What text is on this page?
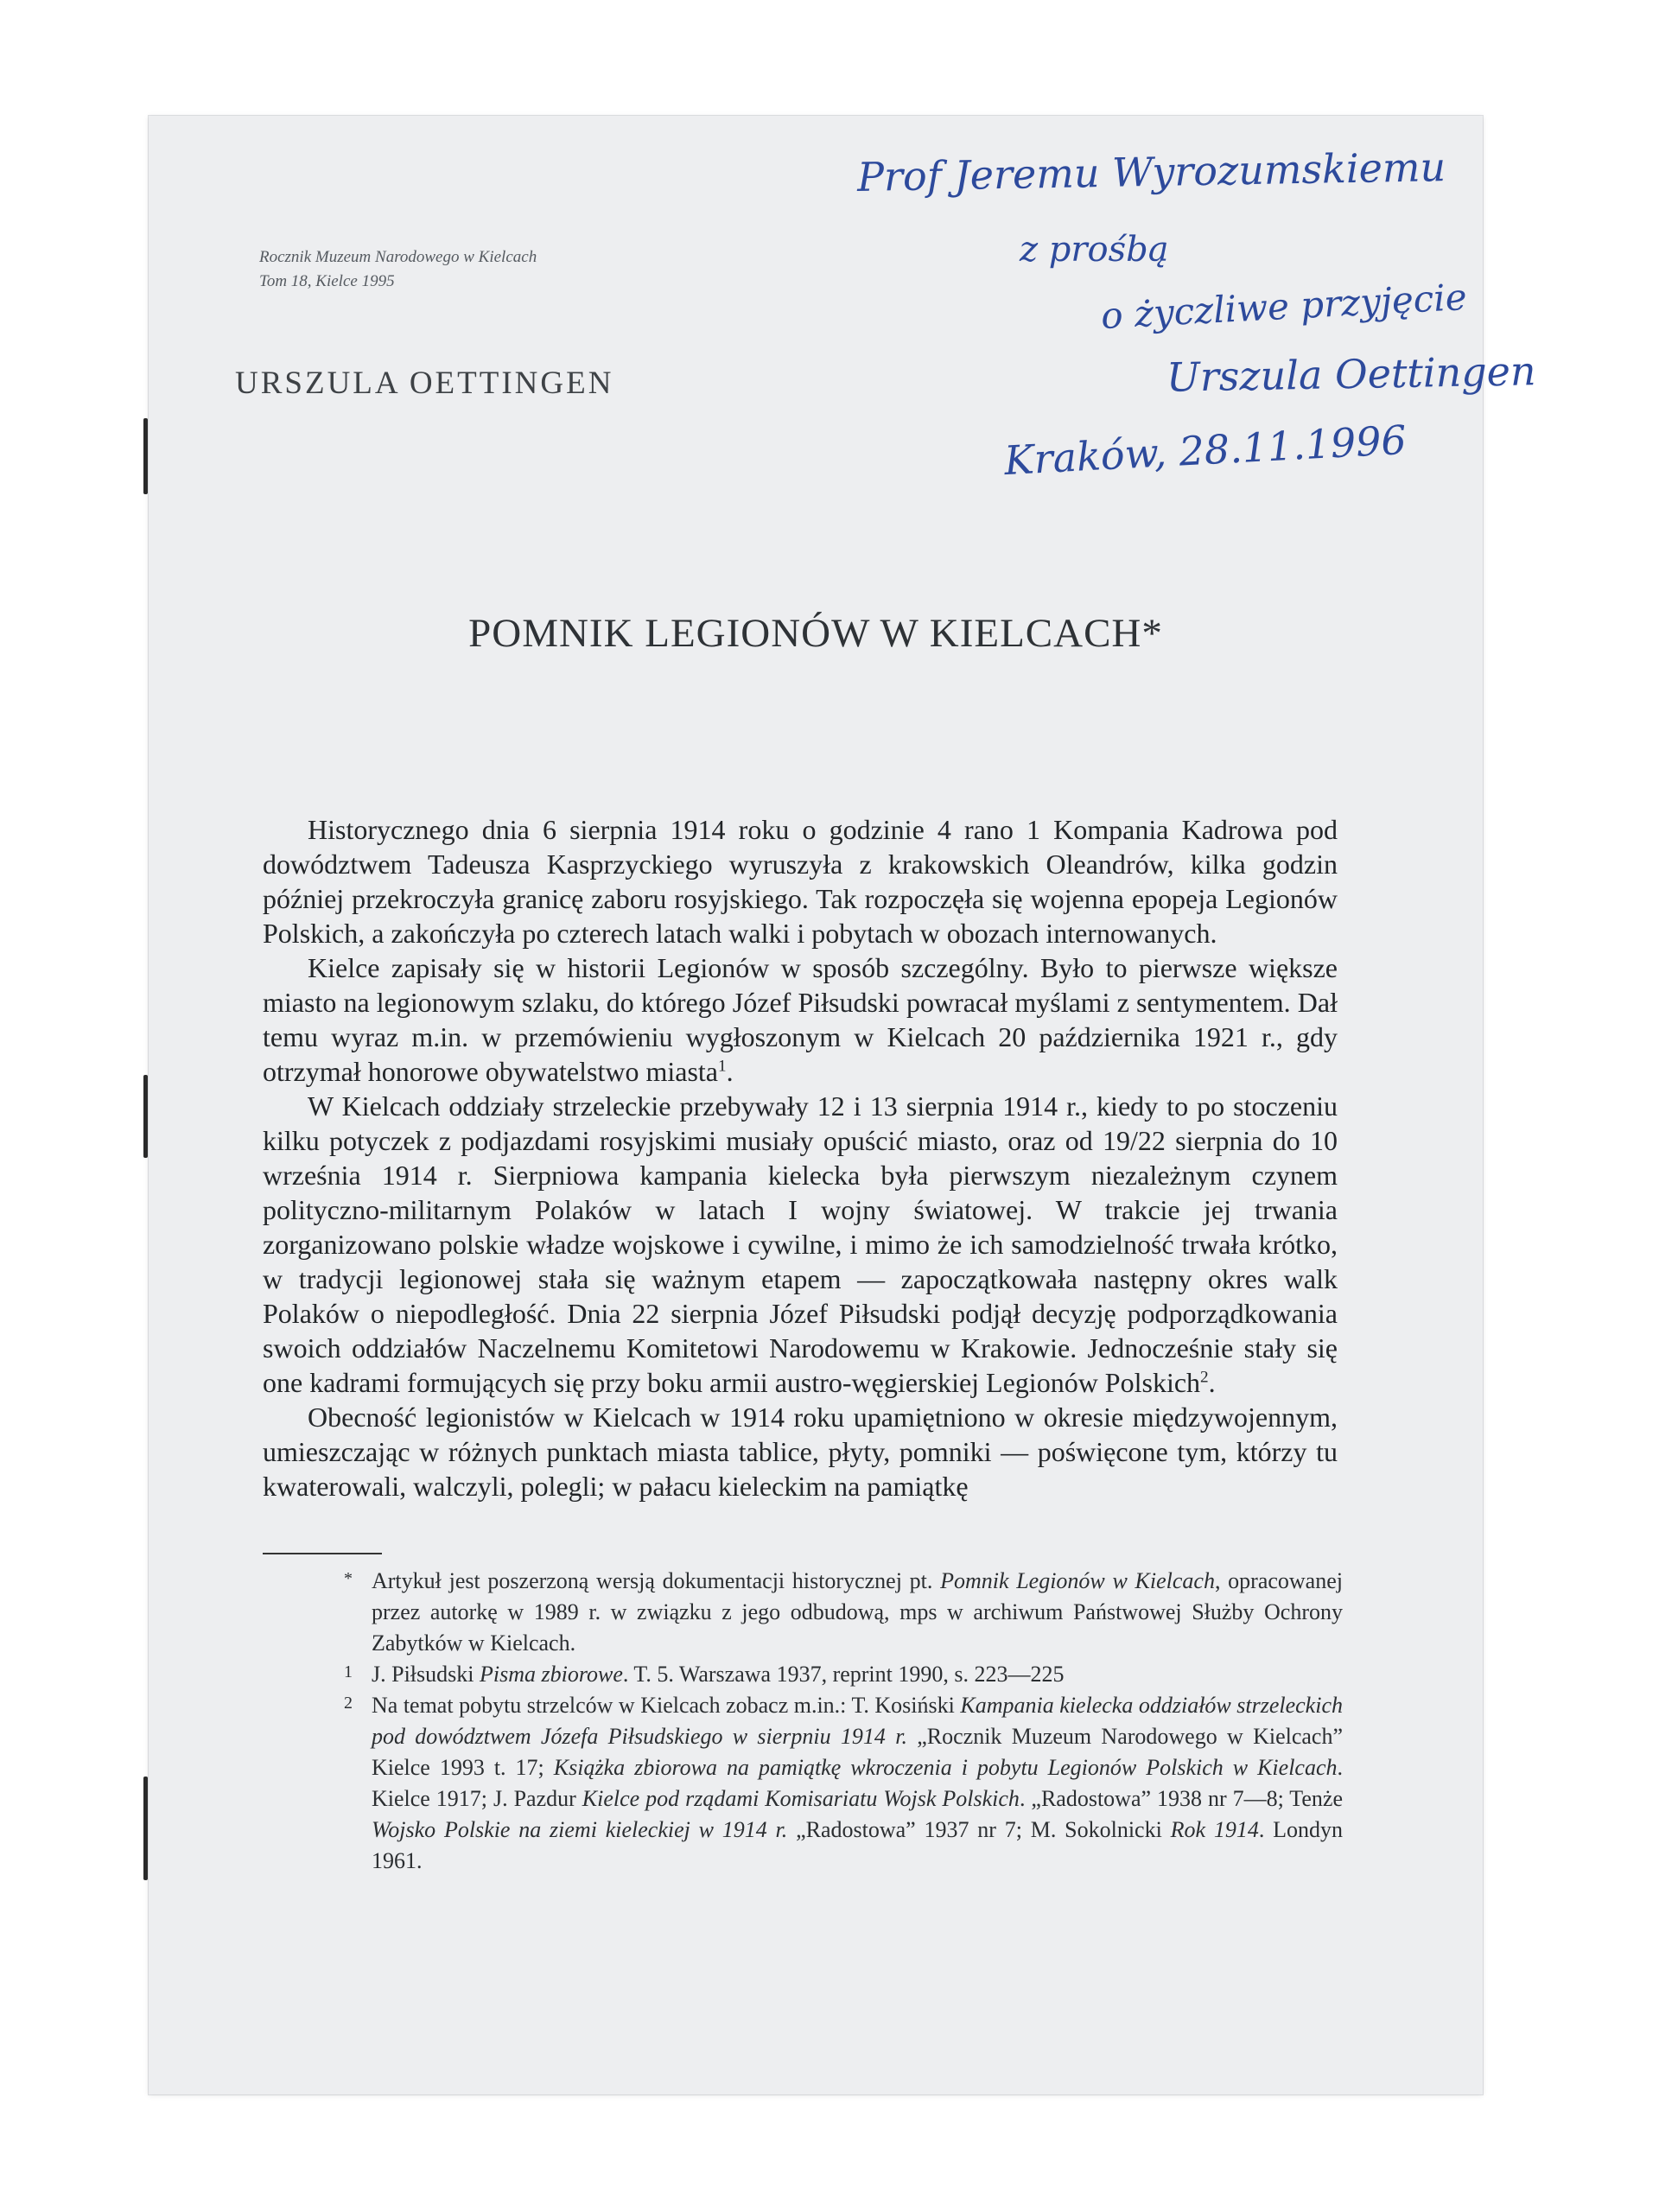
Prof Jeremu Wyrozumskiemu
z prośbą
o życzliwe przyjęcie
Urszula Oettingen
Kraków, 28.11.1996
Rocznik Muzeum Narodowego w Kielcach
Tom 18, Kielce 1995
URSZULA OETTINGEN
POMNIK LEGIONÓW W KIELCACH*

Historycznego dnia 6 sierpnia 1914 roku o godzinie 4 rano 1 Kompania Kadrowa pod dowództwem Tadeusza Kasprzyckiego wyruszyła z krakowskich Oleandrów, kilka godzin później przekroczyła granicę zaboru rosyjskiego. Tak rozpoczęła się wojenna epopeja Legionów Polskich, a zakończyła po czterech latach walki i pobytach w obozach internowanych.

Kielce zapisały się w historii Legionów w sposób szczególny. Było to pierwsze większe miasto na legionowym szlaku, do którego Józef Piłsudski powracał myślami z sentymentem. Dał temu wyraz m.in. w przemówieniu wygłoszonym w Kielcach 20 października 1921 r., gdy otrzymał honorowe obywatelstwo miasta$^1$.

W Kielcach oddziały strzeleckie przebywały 12 i 13 sierpnia 1914 r., kiedy to po stoczeniu kilku potyczek z podjazdami rosyjskimi musiały opuścić miasto, oraz od 19/22 sierpnia do 10 września 1914 r. Sierpniowa kampania kielecka była pierwszym niezależnym czynem polityczno-militarnym Polaków w latach I wojny światowej. W trakcie jej trwania zorganizowano polskie władze wojskowe i cywilne, i mimo że ich samodzielność trwała krótko, w tradycji legionowej stała się ważnym etapem — zapoczątkowała następny okres walk Polaków o niepodległość. Dnia 22 sierpnia Józef Piłsudski podjął decyzję podporządkowania swoich oddziałów Naczelnemu Komitetowi Narodowemu w Krakowie. Jednocześnie stały się one kadrami formujących się przy boku armii austro-węgierskiej Legionów Polskich$^2$.

Obecność legionistów w Kielcach w 1914 roku upamiętniono w okresie międzywojennym, umieszczając w różnych punktach miasta tablice, płyty, pomniki — poświęcone tym, którzy tu kwaterowali, walczyli, polegli; w pałacu kieleckim na pamiątkę

* Artykuł jest poszerzoną wersją dokumentacji historycznej pt. Pomnik Legionów w Kielcach, opracowanej przez autorkę w 1989 r. w związku z jego odbudową, mps w archiwum Państwowej Służby Ochrony Zabytków w Kielcach.

1 J. Piłsudski Pisma zbiorowe. T. 5. Warszawa 1937, reprint 1990, s. 223—225

2 Na temat pobytu strzelców w Kielcach zobacz m.in.: T. Kosiński Kampania kielecka oddziałów strzeleckich pod dowództwem Józefa Piłsudskiego w sierpniu 1914 r. „Rocznik Muzeum Narodowego w Kielcach” Kielce 1993 t. 17; Książka zbiorowa na pamiątkę wkroczenia i pobytu Legionów Polskich w Kielcach. Kielce 1917; J. Pazdur Kielce pod rządami Komisariatu Wojsk Polskich. „Radostowa” 1938 nr 7—8; Tenże Wojsko Polskie na ziemi kieleckiej w 1914 r. „Radostowa” 1937 nr 7; M. Sokolnicki Rok 1914. Londyn 1961.
